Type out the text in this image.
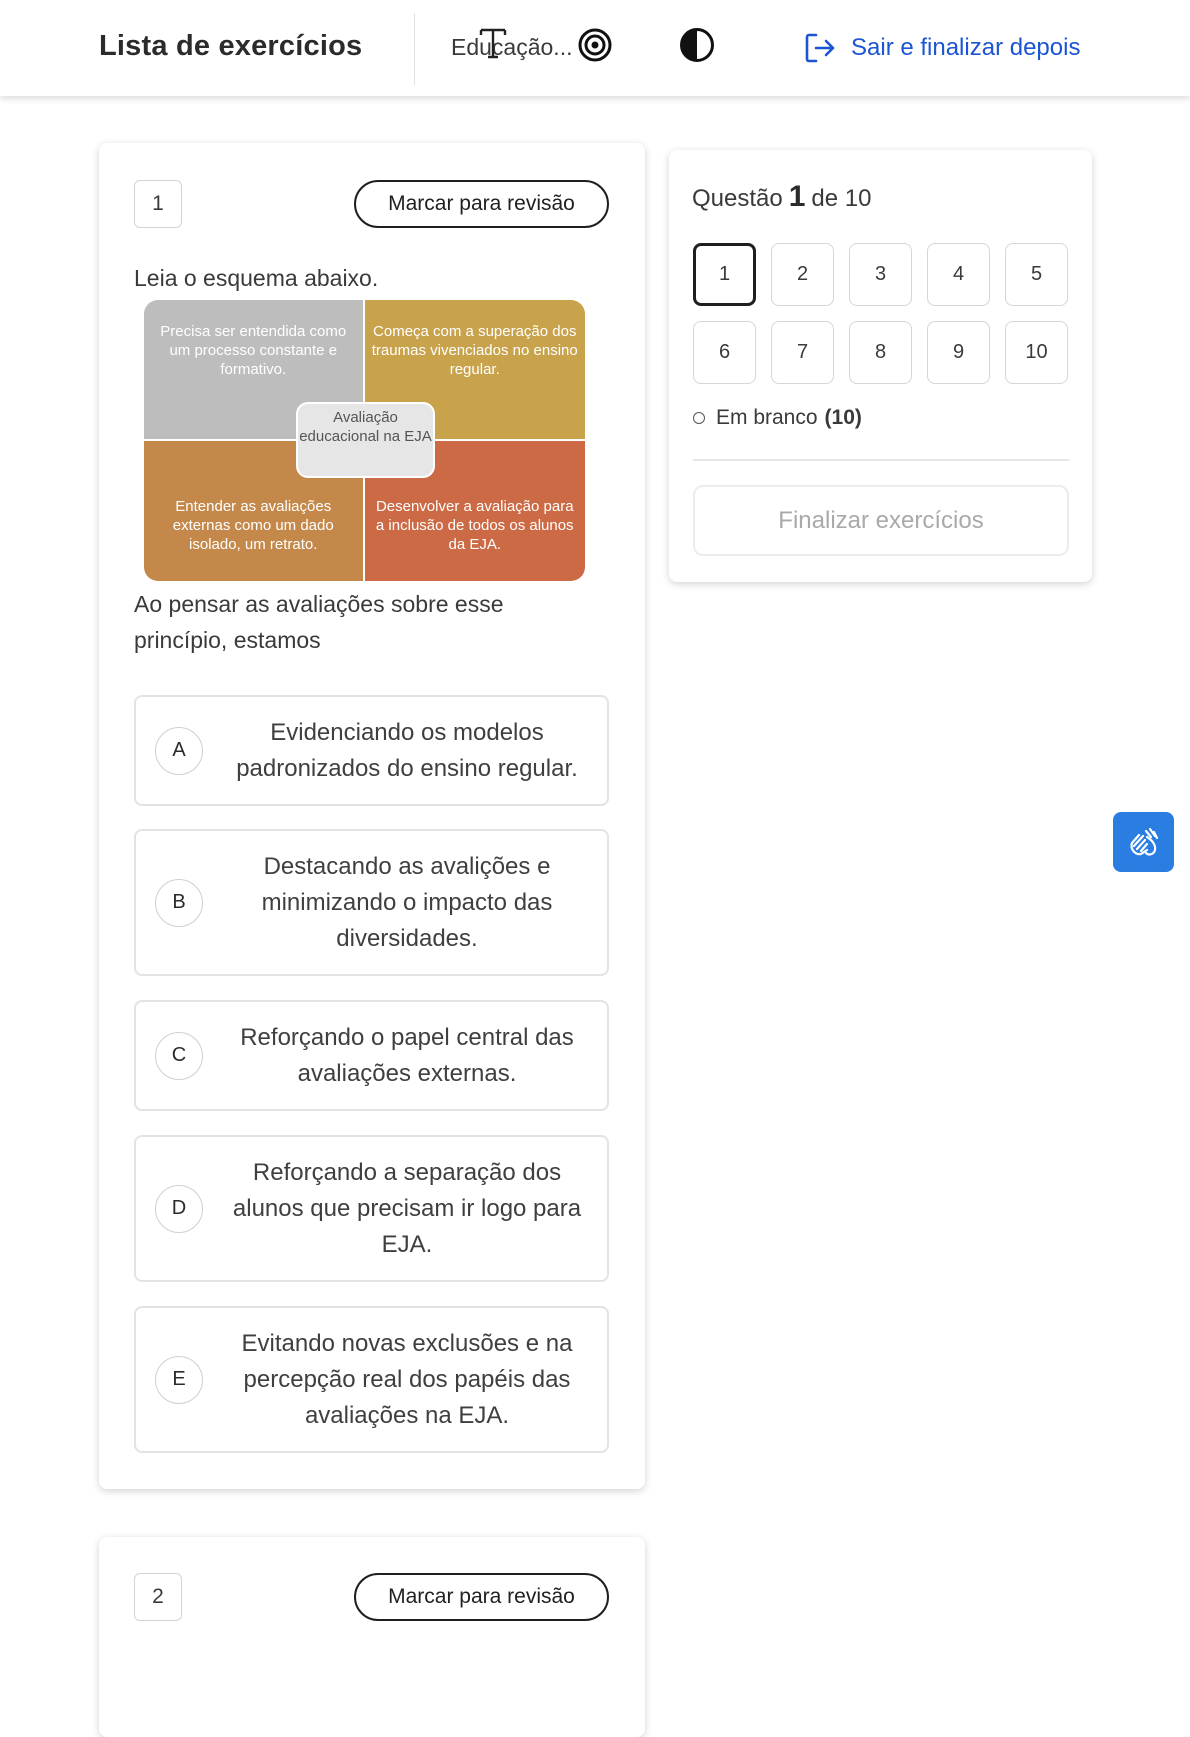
Lista de exercícios	Educação...	Sair e finalizar depois
1	Marcar para revisão
Leia o esquema abaixo.
Precisa ser entendida como um processo constante e formativo.
Começa com a superação dos traumas vivenciados no ensino regular.
Entender as avaliações externas como um dado isolado, um retrato.
Desenvolver a avaliação para a inclusão de todos os alunos da EJA.
Avaliação educacional na EJA
Ao pensar as avaliações sobre esse princípio, estamos
A
Evidenciando os modelos padronizados do ensino regular.
B
Destacando as avalições e minimizando o impacto das diversidades.
C
Reforçando o papel central das avaliações externas.
D
Reforçando a separação dos alunos que precisam ir logo para EJA.
E
Evitando novas exclusões e na percepção real dos papéis das avaliações na EJA.
2	Marcar para revisão
Questão 1 de 10
1	2	3	4	5
6	7	8	9	10
Em branco (10)
Finalizar exercícios
